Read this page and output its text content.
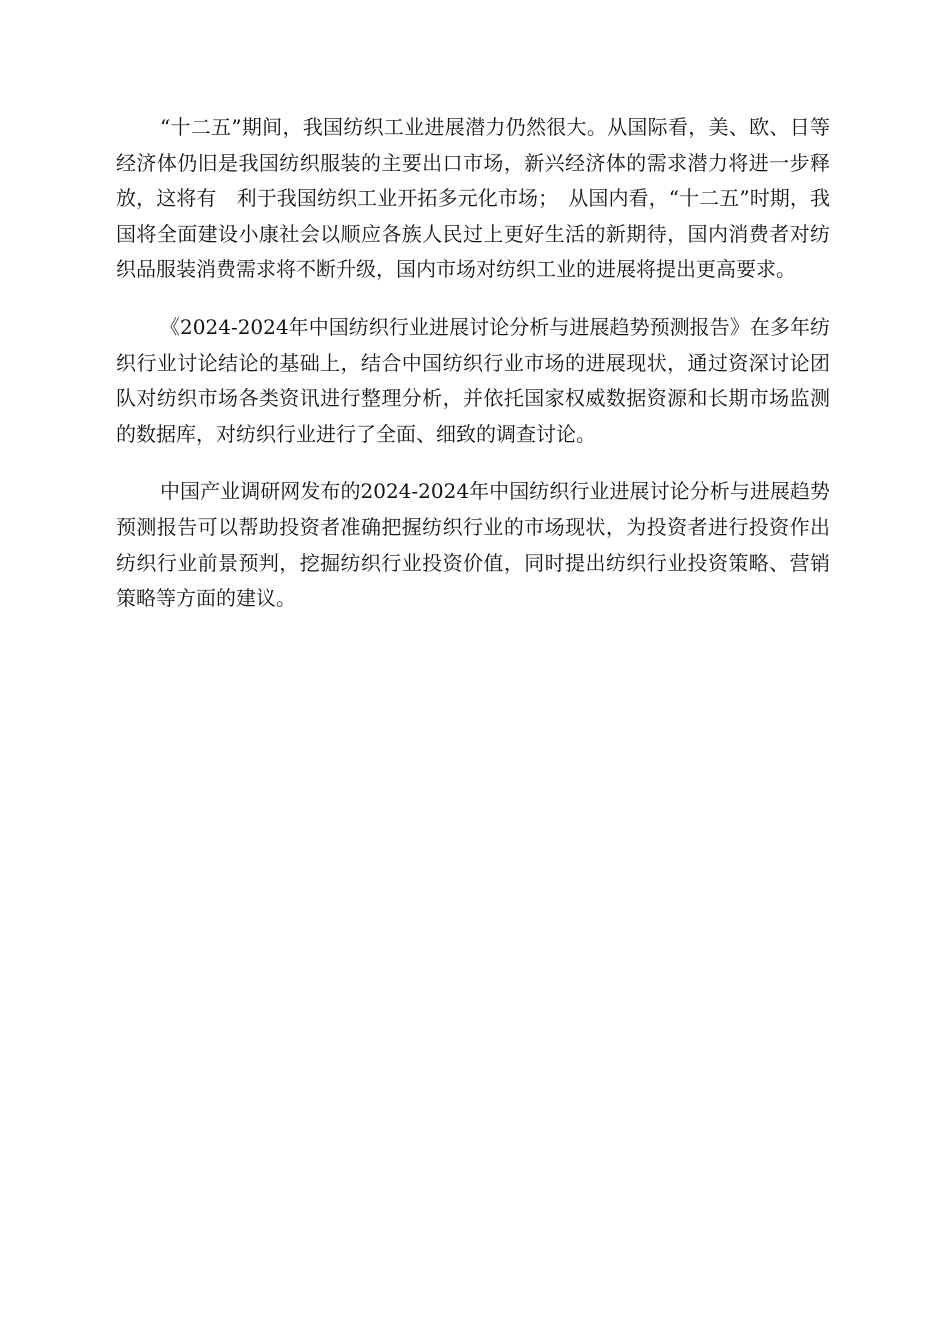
“十二五”期间，我国纺织工业进展潜力仍然很大。从国际看，美、欧、日等经济体仍旧是我国纺织服装的主要出口市场，新兴经济体的需求潜力将进一步释放，这将有　利于我国纺织工业开拓多元化市场；　从国内看，“十二五”时期，我国将全面建设小康社会以顺应各族人民过上更好生活的新期待，国内消费者对纺织品服装消费需求将不断升级，国内市场对纺织工业的进展将提出更高要求。

《2024-2024年中国纺织行业进展讨论分析与进展趋势预测报告》在多年纺织行业讨论结论的基础上，结合中国纺织行业市场的进展现状，通过资深讨论团队对纺织市场各类资讯进行整理分析，并依托国家权威数据资源和长期市场监测的数据库，对纺织行业进行了全面、细致的调查讨论。

中国产业调研网发布的2024-2024年中国纺织行业进展讨论分析与进展趋势预测报告可以帮助投资者准确把握纺织行业的市场现状，为投资者进行投资作出纺织行业前景预判，挖掘纺织行业投资价值，同时提出纺织行业投资策略、营销策略等方面的建议。
